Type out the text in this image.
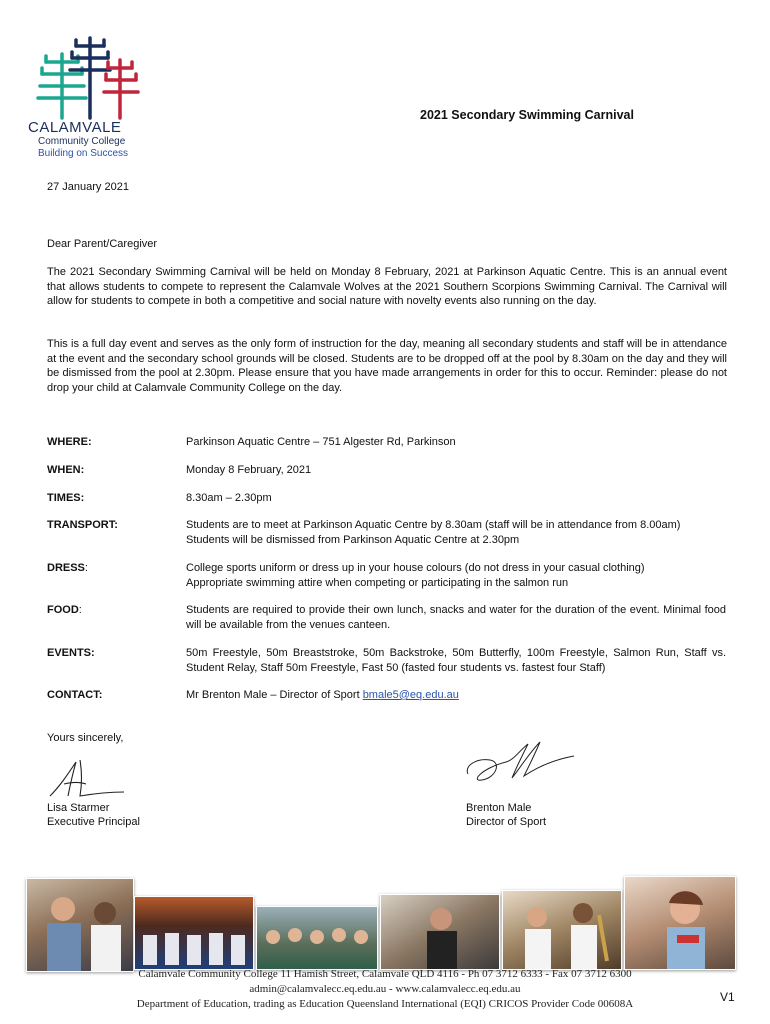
CALAMVALE
Community College
Building on Success
2021 Secondary Swimming Carnival
27 January 2021
Dear Parent/Caregiver
The 2021 Secondary Swimming Carnival will be held on Monday 8 February, 2021 at Parkinson Aquatic Centre. This is an annual event that allows students to compete to represent the Calamvale Wolves at the 2021 Southern Scorpions Swimming Carnival. The Carnival will allow for students to compete in both a competitive and social nature with novelty events also running on the day.
This is a full day event and serves as the only form of instruction for the day, meaning all secondary students and staff will be in attendance at the event and the secondary school grounds will be closed. Students are to be dropped off at the pool by 8.30am on the day and they will be dismissed from the pool at 2.30pm. Please ensure that you have made arrangements in order for this to occur. Reminder: please do not drop your child at Calamvale Community College on the day.
WHERE:	Parkinson Aquatic Centre – 751 Algester Rd, Parkinson
WHEN:	Monday 8 February, 2021
TIMES:	8.30am – 2.30pm
TRANSPORT:	Students are to meet at Parkinson Aquatic Centre by 8.30am (staff will be in attendance from 8.00am)
Students will be dismissed from Parkinson Aquatic Centre at 2.30pm
DRESS:	College sports uniform or dress up in your house colours (do not dress in your casual clothing)
Appropriate swimming attire when competing or participating in the salmon run
FOOD:	Students are required to provide their own lunch, snacks and water for the duration of the event. Minimal food will be available from the venues canteen.
EVENTS:	50m Freestyle, 50m Breaststroke, 50m Backstroke, 50m Butterfly, 100m Freestyle, Salmon Run, Staff vs. Student Relay, Staff 50m Freestyle, Fast 50 (fasted four students vs. fastest four Staff)
CONTACT:	Mr Brenton Male – Director of Sport bmale5@eq.edu.au
Yours sincerely,
Lisa Starmer
Executive Principal
Brenton Male
Director of Sport
Calamvale Community College 11 Hamish Street, Calamvale QLD 4116 - Ph 07 3712 6333 - Fax 07 3712 6300
admin@calamvalecc.eq.edu.au - www.calamvalecc.eq.edu.au
Department of Education, trading as Education Queensland International (EQI) CRICOS Provider Code 00608A	V1
